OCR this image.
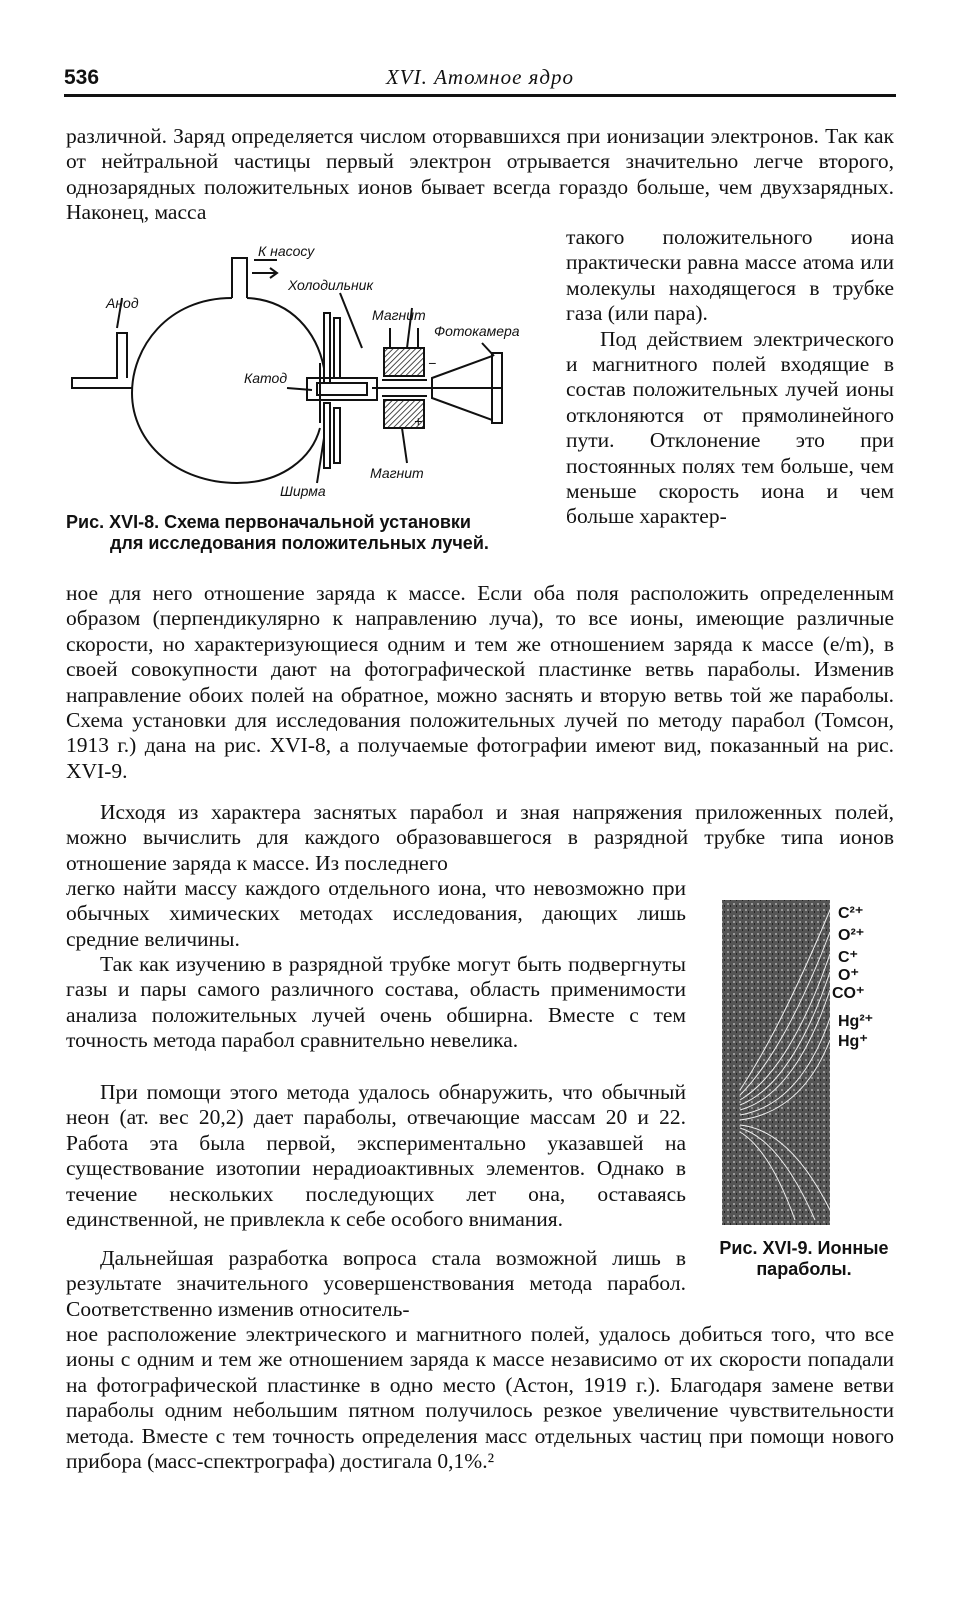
536	XVI. Атомное ядро

различной. Заряд определяется числом оторвавшихся при ионизации электронов. Так как от нейтральной частицы первый электрон отрывается значительно легче второго, однозарядных положительных ионов бывает всегда гораздо больше, чем двухзарядных. Наконец, масса

такого положительного иона практически равна массе атома или молекулы находящегося в трубке газа (или пара).

Под действием электрического и магнитного полей входящие в состав положительных лучей ионы отклоняются от прямолинейного пути. Отклонение это при постоянных полях тем больше, чем меньше скорость иона и чем больше характер-

К насосу
Холодильник
Анод
Магнит
Фотокамера
Катод
Магнит
Ширма
+
−
Рис. XVI-8. Схема первоначальной установки
для исследования положительных лучей.

ное для него отношение заряда к массе. Если оба поля расположить определенным образом (перпендикулярно к направлению луча), то все ионы, имеющие различные скорости, но характеризующиеся одним и тем же отношением заряда к массе (e/m), в своей совокупности дают на фотографической пластинке ветвь параболы. Изменив направление обоих полей на обратное, можно заснять и вторую ветвь той же параболы. Схема установки для исследования положительных лучей по методу парабол (Томсон, 1913 г.) дана на рис. XVI-8, а получаемые фотографии имеют вид, показанный на рис. XVI-9.

Исходя из характера заснятых парабол и зная напряжения приложенных полей, можно вычислить для каждого образовавшегося в разрядной трубке типа ионов отношение заряда к массе. Из последнего

легко найти массу каждого отдельного иона, что невозможно при обычных химических методах исследования, дающих лишь средние величины.

Так как изучению в разрядной трубке могут быть подвергнуты газы и пары самого различного состава, область применимости анализа положительных лучей очень обширна. Вместе с тем точность метода парабол сравнительно невелика.

При помощи этого метода удалось обнаружить, что обычный неон (ат. вес 20,2) дает параболы, отвечающие массам 20 и 22. Работа эта была первой, экспериментально указавшей на существование изотопии нерадиоактивных элементов. Однако в течение нескольких последующих лет она, оставаясь единственной, не привлекла к себе особого внимания.

Дальнейшая разработка вопроса стала возможной лишь в результате значительного усовершенствования метода парабол. Соответственно изменив относитель-

ное расположение электрического и магнитного полей, удалось добиться того, что все ионы с одним и тем же отношением заряда к массе независимо от их скорости попадали на фотографической пластинке в одно место (Астон, 1919 г.). Благодаря замене ветви параболы одним небольшим пятном получилось резкое увеличение чувствительности метода. Вместе с тем точность определения масс отдельных частиц при помощи нового прибора (масс-спектрографа) достигала 0,1%.²

C²⁺
O²⁺
C⁺
O⁺
CO⁺
Hg²⁺
Hg⁺
Рис. XVI-9. Ионные параболы.
